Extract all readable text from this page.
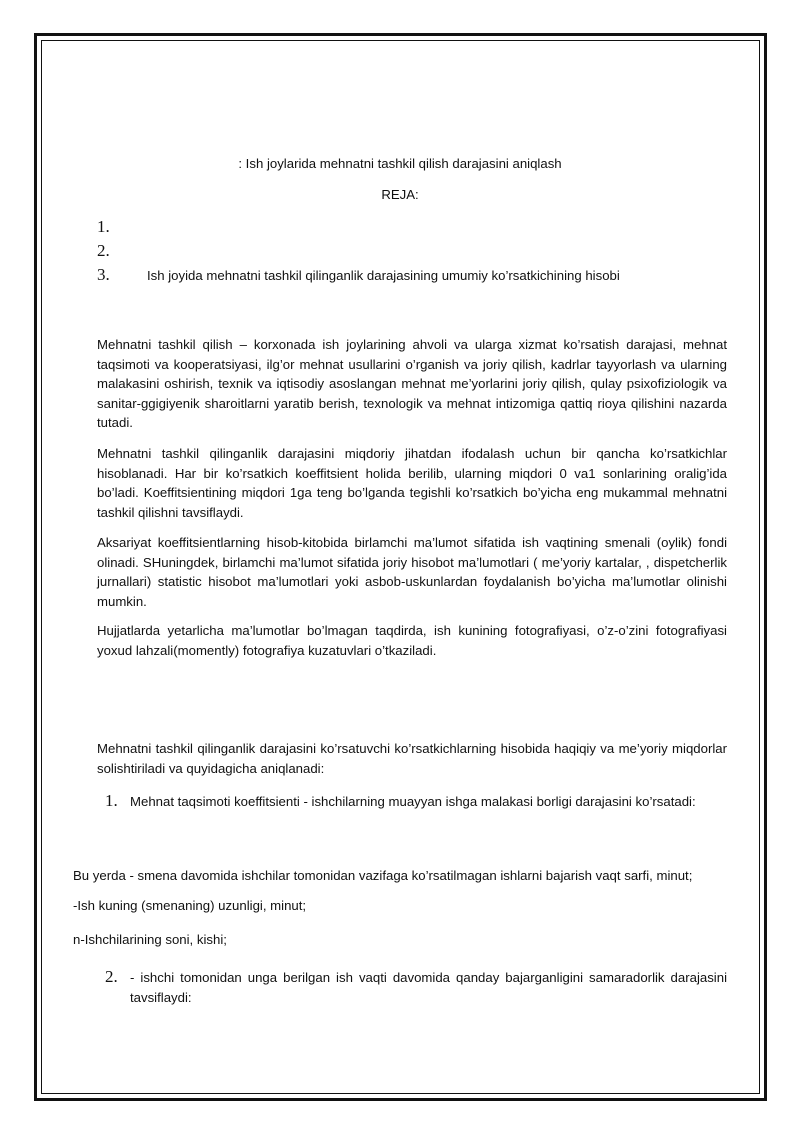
: Ish joylarida mehnatni tashkil qilish darajasini aniqlash
REJA:
1.
2.
3.	Ish joyida mehnatni tashkil qilinganlik darajasining umumiy ko’rsatkichining hisobi

Mehnatni tashkil qilish – korxonada ish joylarining ahvoli va ularga xizmat ko’rsatish darajasi, mehnat taqsimoti va kooperatsiyasi, ilg’or mehnat usullarini o’rganish va joriy qilish, kadrlar tayyorlash va ularning malakasini oshirish, texnik va iqtisodiy asoslangan mehnat me’yorlarini joriy qilish, qulay psixofiziologik va sanitar-ggigiyenik sharoitlarni yaratib berish, texnologik va mehnat intizomiga qattiq rioya qilishini nazarda tutadi.

Mehnatni tashkil qilinganlik darajasini miqdoriy jihatdan ifodalash uchun bir qancha ko’rsatkichlar hisoblanadi. Har bir ko’rsatkich koeffitsient holida berilib, ularning miqdori 0 va1 sonlarining oralig’ida bo’ladi. Koeffitsientining miqdori 1ga teng bo’lganda tegishli ko’rsatkich bo’yicha eng mukammal mehnatni tashkil qilishni tavsiflaydi.

Aksariyat koeffitsientlarning hisob-kitobida birlamchi ma’lumot sifatida ish vaqtining smenali (oylik) fondi olinadi. SHuningdek, birlamchi ma’lumot sifatida joriy hisobot ma’lumotlari ( me’yoriy kartalar, , dispetcherlik jurnallari) statistic hisobot ma’lumotlari yoki asbob-uskunlardan foydalanish bo’yicha ma’lumotlar olinishi mumkin.

Hujjatlarda yetarlicha ma’lumotlar bo’lmagan taqdirda, ish kunining fotografiyasi, o’z-o’zini fotografiyasi yoxud lahzali(momently) fotografiya kuzatuvlari o’tkaziladi.

Mehnatni tashkil qilinganlik darajasini ko’rsatuvchi ko’rsatkichlarning hisobida haqiqiy va me’yoriy miqdorlar solishtiriladi va quyidagicha aniqlanadi:

1. Mehnat taqsimoti koeffitsienti - ishchilarning muayyan ishga malakasi borligi darajasini ko’rsatadi:
Bu yerda - smena davomida ishchilar tomonidan vazifaga ko’rsatilmagan ishlarni bajarish vaqt sarfi, minut;
-Ish kuning (smenaning) uzunligi, minut;
n-Ishchilarining soni, kishi;
2. - ishchi tomonidan unga berilgan ish vaqti davomida qanday bajarganligini samaradorlik darajasini tavsiflaydi:
